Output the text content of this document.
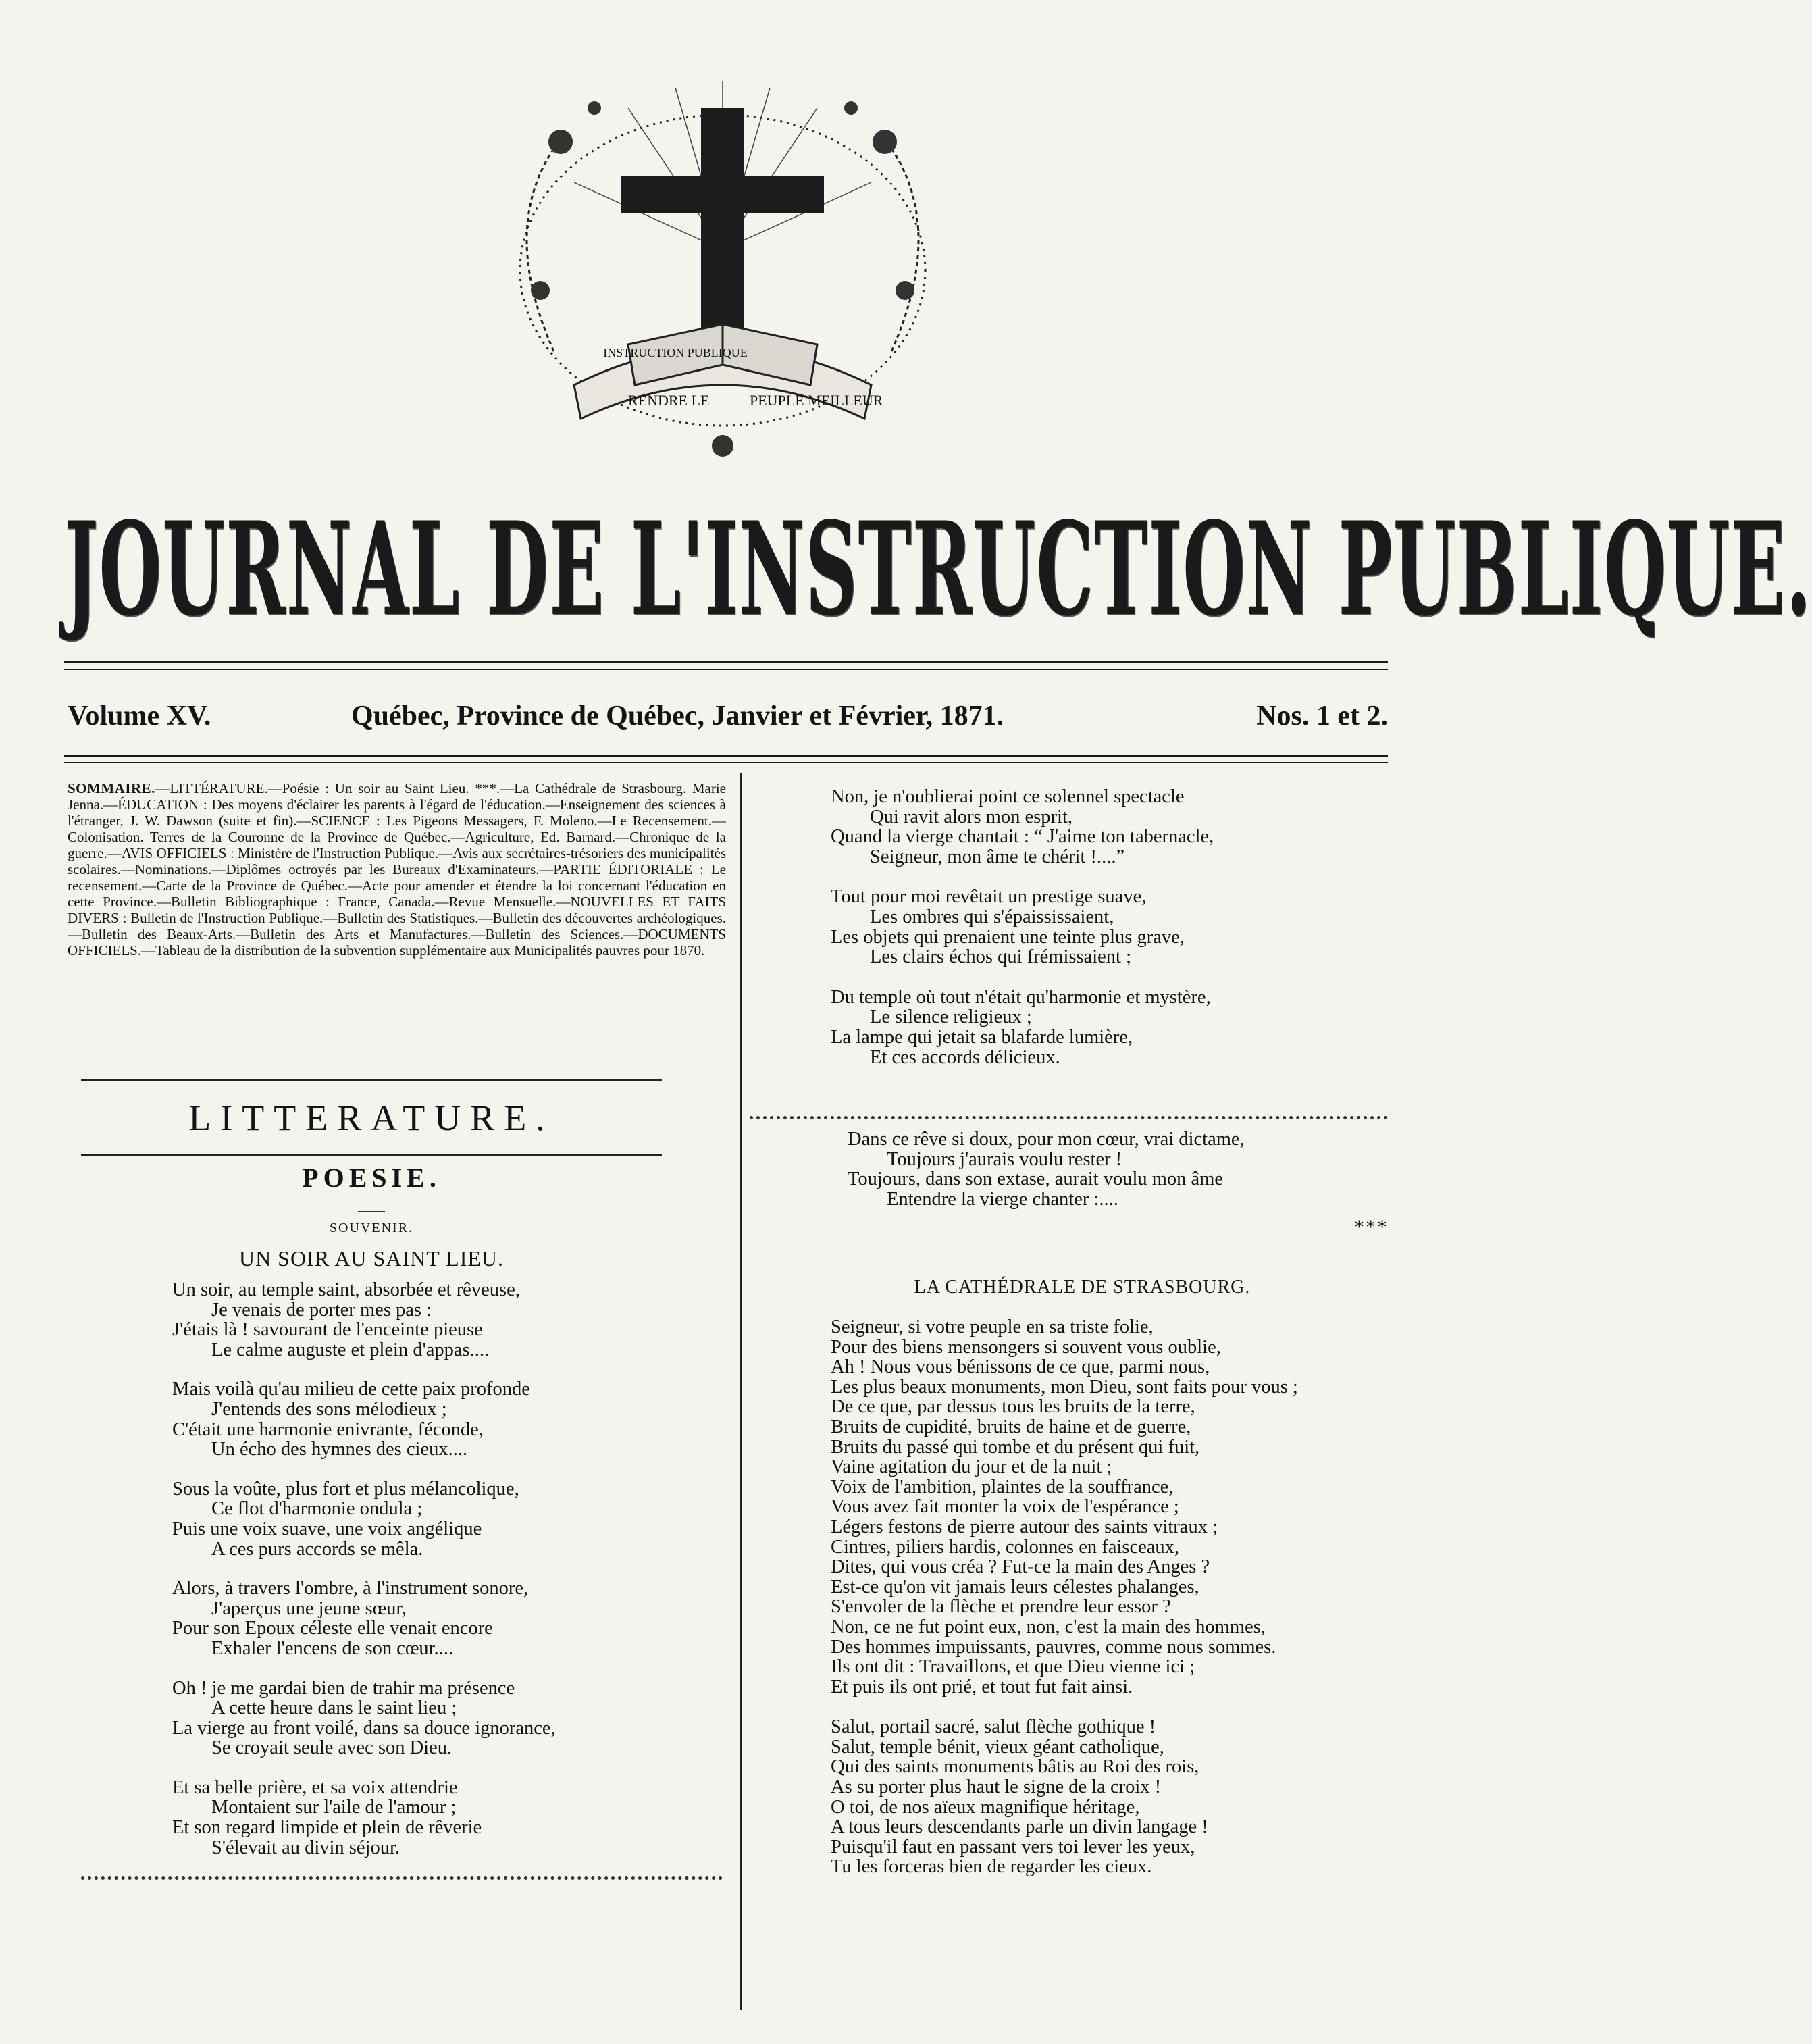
INSTRUCTION PUBLIQUE
RENDRE LE	PEUPLE MEILLEUR
JOURNAL DE L'INSTRUCTION PUBLIQUE.
Volume XV.	Québec, Province de Québec, Janvier et Février, 1871.	Nos. 1 et 2.
SOMMAIRE.—LITTÉRATURE.—Poésie : Un soir au Saint Lieu. ***.—La Cathédrale de Strasbourg. Marie Jenna.—ÉDUCATION : Des moyens d'éclairer les parents à l'égard de l'éducation.—Enseignement des sciences à l'étranger, J. W. Dawson (suite et fin).—SCIENCE : Les Pigeons Messagers, F. Moleno.—Le Recensement.—Colonisation. Terres de la Couronne de la Province de Québec.—Agriculture, Ed. Barnard.—Chronique de la guerre.—AVIS OFFICIELS : Ministère de l'Instruction Publique.—Avis aux secrétaires-trésoriers des municipalités scolaires.—Nominations.—Diplômes octroyés par les Bureaux d'Examinateurs.—PARTIE ÉDITORIALE : Le recensement.—Carte de la Province de Québec.—Acte pour amender et étendre la loi concernant l'éducation en cette Province.—Bulletin Bibliographique : France, Canada.—Revue Mensuelle.—NOUVELLES ET FAITS DIVERS : Bulletin de l'Instruction Publique.—Bulletin des Statistiques.—Bulletin des découvertes archéologiques.—Bulletin des Beaux-Arts.—Bulletin des Arts et Manufactures.—Bulletin des Sciences.—DOCUMENTS OFFICIELS.—Tableau de la distribution de la subvention supplémentaire aux Municipalités pauvres pour 1870.
LITTERATURE.
POESIE.
SOUVENIR.
UN SOIR AU SAINT LIEU.
Un soir, au temple saint, absorbée et rêveuse,
Je venais de porter mes pas :
J'étais là ! savourant de l'enceinte pieuse
Le calme auguste et plein d'appas....
Mais voilà qu'au milieu de cette paix profonde
J'entends des sons mélodieux ;
C'était une harmonie enivrante, féconde,
Un écho des hymnes des cieux....
Sous la voûte, plus fort et plus mélancolique,
Ce flot d'harmonie ondula ;
Puis une voix suave, une voix angélique
A ces purs accords se mêla.
Alors, à travers l'ombre, à l'instrument sonore,
J'aperçus une jeune sœur,
Pour son Epoux céleste elle venait encore
Exhaler l'encens de son cœur....
Oh ! je me gardai bien de trahir ma présence
A cette heure dans le saint lieu ;
La vierge au front voilé, dans sa douce ignorance,
Se croyait seule avec son Dieu.
Et sa belle prière, et sa voix attendrie
Montaient sur l'aile de l'amour ;
Et son regard limpide et plein de rêverie
S'élevait au divin séjour.
Non, je n'oublierai point ce solennel spectacle
Qui ravit alors mon esprit,
Quand la vierge chantait : “ J'aime ton tabernacle,
Seigneur, mon âme te chérit !....”
Tout pour moi revêtait un prestige suave,
Les ombres qui s'épaississaient,
Les objets qui prenaient une teinte plus grave,
Les clairs échos qui frémissaient ;
Du temple où tout n'était qu'harmonie et mystère,
Le silence religieux ;
La lampe qui jetait sa blafarde lumière,
Et ces accords délicieux.
Dans ce rêve si doux, pour mon cœur, vrai dictame,
Toujours j'aurais voulu rester !
Toujours, dans son extase, aurait voulu mon âme
Entendre la vierge chanter :....
***
LA CATHÉDRALE DE STRASBOURG.
Seigneur, si votre peuple en sa triste folie,
Pour des biens mensongers si souvent vous oublie,
Ah ! Nous vous bénissons de ce que, parmi nous,
Les plus beaux monuments, mon Dieu, sont faits pour vous ;
De ce que, par dessus tous les bruits de la terre,
Bruits de cupidité, bruits de haine et de guerre,
Bruits du passé qui tombe et du présent qui fuit,
Vaine agitation du jour et de la nuit ;
Voix de l'ambition, plaintes de la souffrance,
Vous avez fait monter la voix de l'espérance ;
Légers festons de pierre autour des saints vitraux ;
Cintres, piliers hardis, colonnes en faisceaux,
Dites, qui vous créa ? Fut-ce la main des Anges ?
Est-ce qu'on vit jamais leurs célestes phalanges,
S'envoler de la flèche et prendre leur essor ?
Non, ce ne fut point eux, non, c'est la main des hommes,
Des hommes impuissants, pauvres, comme nous sommes.
Ils ont dit : Travaillons, et que Dieu vienne ici ;
Et puis ils ont prié, et tout fut fait ainsi.
Salut, portail sacré, salut flèche gothique !
Salut, temple bénit, vieux géant catholique,
Qui des saints monuments bâtis au Roi des rois,
As su porter plus haut le signe de la croix !
O toi, de nos aïeux magnifique héritage,
A tous leurs descendants parle un divin langage !
Puisqu'il faut en passant vers toi lever les yeux,
Tu les forceras bien de regarder les cieux.
